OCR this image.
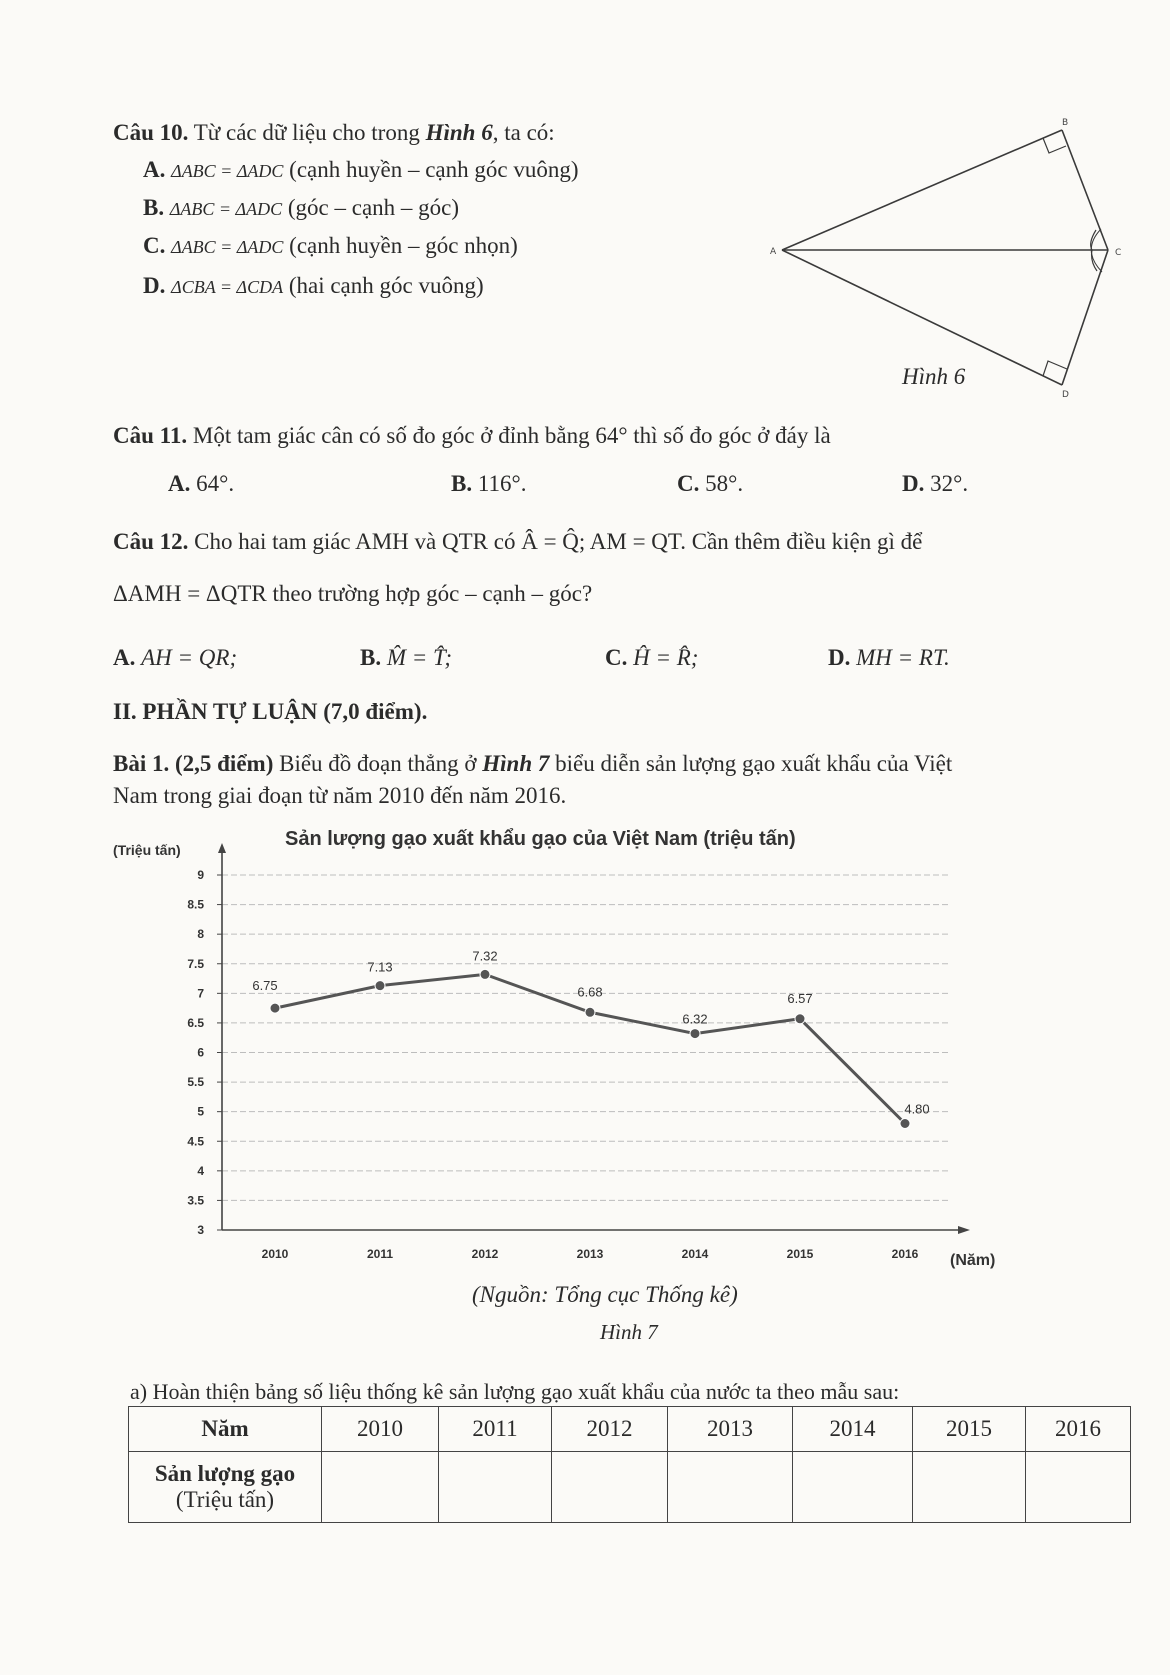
Câu 10. Từ các dữ liệu cho trong Hình 6, ta có:
A. ΔABC = ΔADC (cạnh huyền – cạnh góc vuông)
B. ΔABC = ΔADC (góc – cạnh – góc)
C. ΔABC = ΔADC (cạnh huyền – góc nhọn)
D. ΔCBA = ΔCDA (hai cạnh góc vuông)
A
B
C
D
Hình 6
Câu 11. Một tam giác cân có số đo góc ở đỉnh bằng 64° thì số đo góc ở đáy là
A. 64°.	B. 116°.	C. 58°.	D. 32°.
Câu 12. Cho hai tam giác AMH và QTR có Â = Q̂; AM = QT. Cần thêm điều kiện gì để
ΔAMH = ΔQTR theo trường hợp góc – cạnh – góc?
A. AH = QR;	B. M̂ = T̂;	C. Ĥ = R̂;	D. MH = RT.
II. PHẦN TỰ LUẬN (7,0 điểm).
Bài 1. (2,5 điểm) Biểu đồ đoạn thẳng ở Hình 7 biểu diễn sản lượng gạo xuất khẩu của Việt
Nam trong giai đoạn từ năm 2010 đến năm 2016.
Sản lượng gạo xuất khẩu gạo của Việt Nam (triệu tấn)
(Triệu tấn)
(Năm)
3
3.5
4
4.5
5
5.5
6
6.5
7
7.5
8
8.5
9
2010	2011	2012	2013	2014	2015	2016
6.75
7.13
7.32
6.68
6.32
6.57
4.80
(Nguồn: Tổng cục Thống kê)
Hình 7
a) Hoàn thiện bảng số liệu thống kê sản lượng gạo xuất khẩu của nước ta theo mẫu sau:
Năm	2010	2011	2012	2013	2014	2015	2016

Sản lượng gạo
(Triệu tấn)							
